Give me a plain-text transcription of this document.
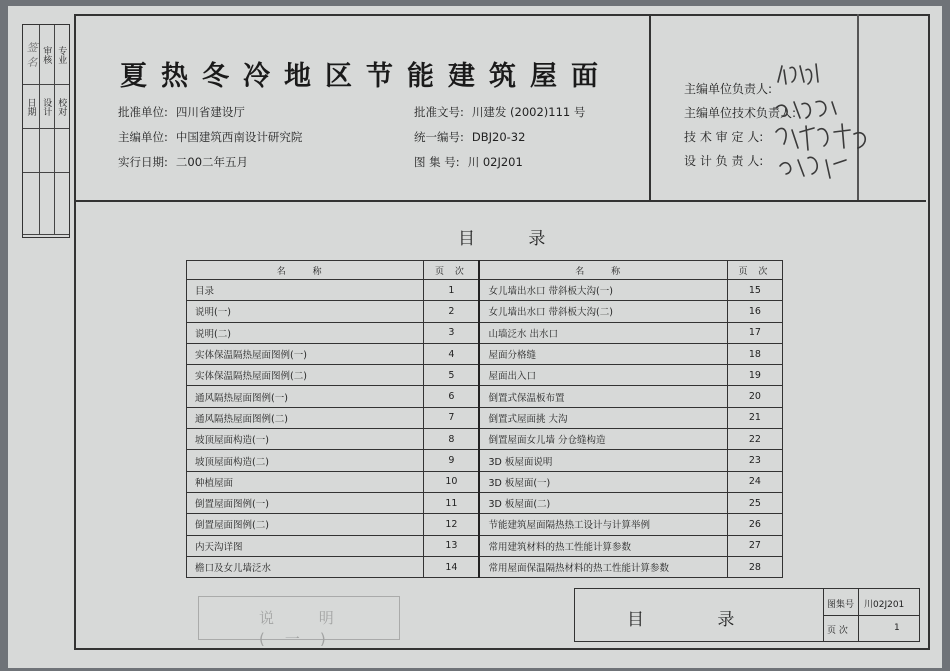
签 名 审核 专业
日期 设计 校对
夏热冬冷地区节能建筑屋面
批准单位: 四川省建设厅
主编单位: 中国建筑西南设计研究院
实行日期: 二00二年五月
批准文号: 川建发 (2002)111 号
统一编号: DBJ20-32
图 集 号: 川 02J201
主编单位负责人:
主编单位技术负责人:
技 术 审 定 人:
设 计 负 责 人:
目 录
名 称	页 次	名 称	页 次
目录	1	女儿墙出水口 带斜板大沟(一)	15
说明(一)	2	女儿墙出水口 带斜板大沟(二)	16
说明(二)	3	山墙泛水 出水口	17
实体保温隔热屋面图例(一)	4	屋面分格缝	18
实体保温隔热屋面图例(二)	5	屋面出入口	19
通风隔热屋面图例(一)	6	倒置式保温板布置	20
通风隔热屋面图例(二)	7	倒置式屋面挑 大沟	21
坡顶屋面构造(一)	8	倒置屋面女儿墙 分仓缝构造	22
坡顶屋面构造(二)	9	3D 板屋面说明	23
种植屋面	10	3D 板屋面(一)	24
倒置屋面图例(一)	11	3D 板屋面(二)	25
倒置屋面图例(二)	12	节能建筑屋面隔热热工设计与计算举例	26
内天沟详图	13	常用建筑材料的热工性能计算参数	27
檐口及女儿墙泛水	14	常用屋面保温隔热材料的热工性能计算参数	28
说 明(一)
目 录
图集号 川02J201
页 次	1
